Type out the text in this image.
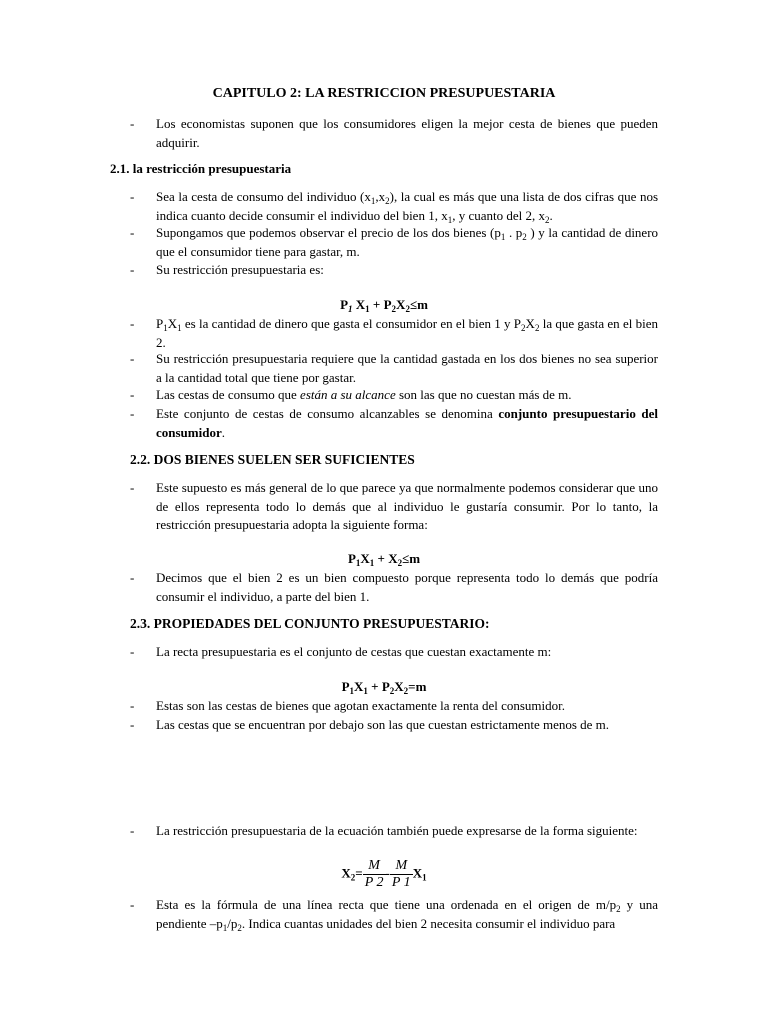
CAPITULO 2: LA RESTRICCION PRESUPUESTARIA
- Los economistas suponen que los consumidores eligen la mejor cesta de bienes que pueden adquirir.
2.1. la restricción presupuestaria
- Sea la cesta de consumo del individuo $(x_1,x_2)$, la cual es más que una lista de dos cifras que nos indica cuanto decide consumir el individuo del bien 1, $x_1$, y cuanto del 2, $x_2$.
- Supongamos que podemos observar el precio de los dos bienes ($p_1$ . $p_2$ ) y la cantidad de dinero que el consumidor tiene para gastar, m.
- Su restricción presupuestaria es:
$P_1$ $X_1 + P_2X_2\le m$
- $P_1X_1$ es la cantidad de dinero que gasta el consumidor en el bien 1 y $P_2X_2$ la que gasta en el bien 2.
- Su restricción presupuestaria requiere que la cantidad gastada en los dos bienes no sea superior a la cantidad total que tiene por gastar.
- Las cestas de consumo que están a su alcance son las que no cuestan más de m.
- Este conjunto de cestas de consumo alcanzables se denomina conjunto presupuestario del consumidor.
2.2. DOS BIENES SUELEN SER SUFICIENTES
- Este supuesto es más general de lo que parece ya que normalmente podemos considerar que uno de ellos representa todo lo demás que al individuo le gustaría consumir. Por lo tanto, la restricción presupuestaria adopta la siguiente forma:
$P_1X_1 + X_2\le m$
- Decimos que el bien 2 es un bien compuesto porque representa todo lo demás que podría consumir el individuo, a parte del bien 1.
2.3. PROPIEDADES DEL CONJUNTO PRESUPUESTARIO:
- La recta presupuestaria es el conjunto de cestas que cuestan exactamente m:
$P_1X_1 + P_2X_2=m$
- Estas son las cestas de bienes que agotan exactamente la renta del consumidor.
- Las cestas que se encuentran por debajo son las que cuestan estrictamente menos de m.
- La restricción presupuestaria de la ecuación también puede expresarse de la forma siguiente:
$X_2= \frac{M}{P 2} - \frac{M}{P 1} X_1$
- Esta es la fórmula de una línea recta que tiene una ordenada en el origen de $m/p_2$ y una pendiente $-p_1/p_2$. Indica cuantas unidades del bien 2 necesita consumir el individuo para
